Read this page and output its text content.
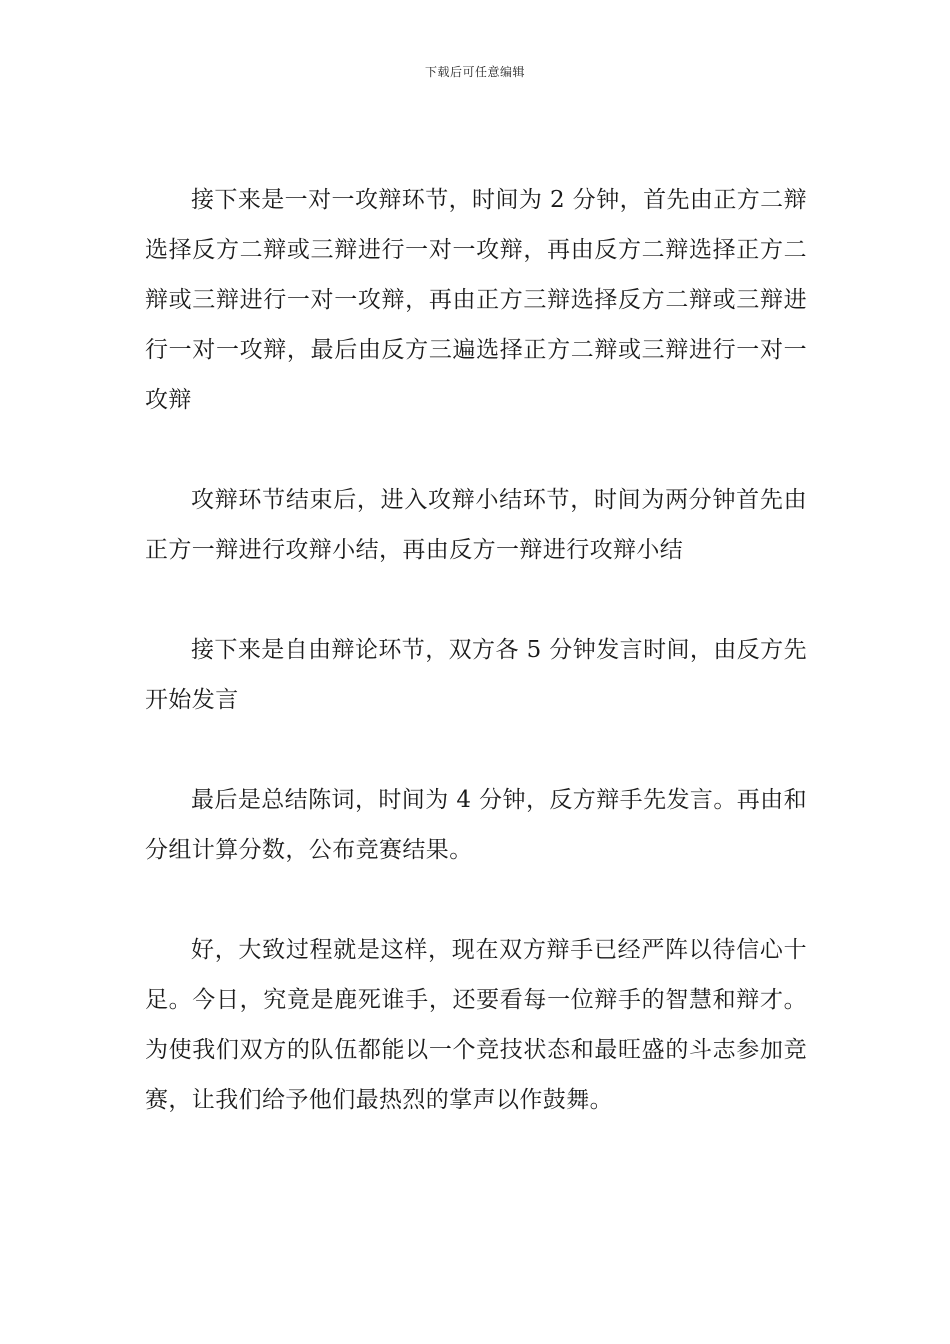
下载后可任意编辑

接下来是一对一攻辩环节，时间为 2 分钟，首先由正方二辩选择反方二辩或三辩进行一对一攻辩，再由反方二辩选择正方二辩或三辩进行一对一攻辩，再由正方三辩选择反方二辩或三辩进行一对一攻辩，最后由反方三遍选择正方二辩或三辩进行一对一攻辩

攻辩环节结束后，进入攻辩小结环节，时间为两分钟首先由正方一辩进行攻辩小结，再由反方一辩进行攻辩小结

接下来是自由辩论环节，双方各 5 分钟发言时间，由反方先开始发言

最后是总结陈词，时间为 4 分钟，反方辩手先发言。再由和分组计算分数，公布竞赛结果。

好，大致过程就是这样，现在双方辩手已经严阵以待信心十足。今日，究竟是鹿死谁手，还要看每一位辩手的智慧和辩才。为使我们双方的队伍都能以一个竞技状态和最旺盛的斗志参加竞赛，让我们给予他们最热烈的掌声以作鼓舞。
